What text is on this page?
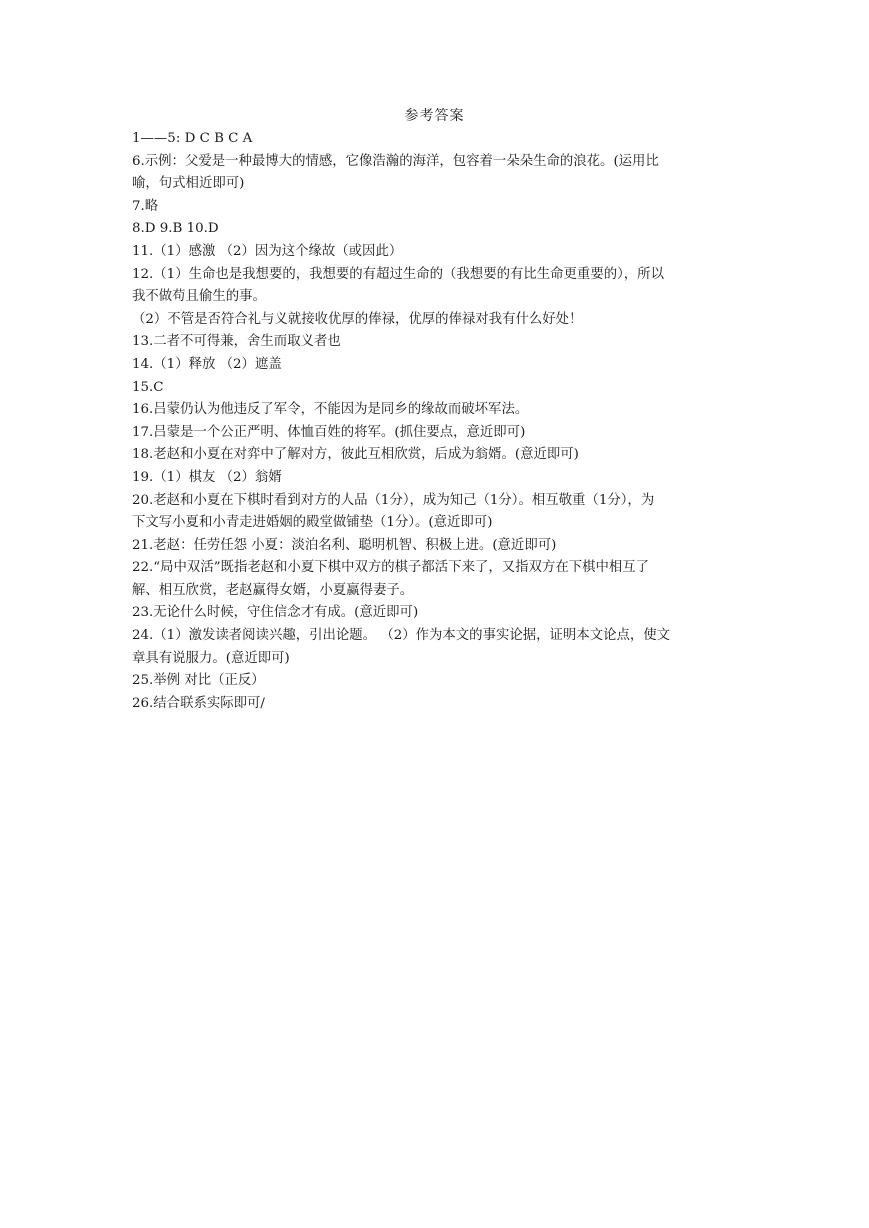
参考答案
1——5: D C B C A
6.示例：父爱是一种最博大的情感，它像浩瀚的海洋，包容着一朵朵生命的浪花。(运用比
喻，句式相近即可)
7.略
8.D 9.B 10.D
11.（1）感激 （2）因为这个缘故（或因此）
12.（1）生命也是我想要的，我想要的有超过生命的（我想要的有比生命更重要的），所以
我不做苟且偷生的事。
（2）不管是否符合礼与义就接收优厚的俸禄，优厚的俸禄对我有什么好处！
13.二者不可得兼，舍生而取义者也
14.（1）释放 （2）遮盖
15.C
16.吕蒙仍认为他违反了军令，不能因为是同乡的缘故而破坏军法。
17.吕蒙是一个公正严明、体恤百姓的将军。(抓住要点，意近即可)
18.老赵和小夏在对弈中了解对方，彼此互相欣赏，后成为翁婿。(意近即可)
19.（1）棋友 （2）翁婿
20.老赵和小夏在下棋时看到对方的人品（1分），成为知己（1分）。相互敬重（1分），为
下文写小夏和小青走进婚姻的殿堂做铺垫（1分）。(意近即可)
21.老赵：任劳任怨 小夏：淡泊名利、聪明机智、积极上进。(意近即可)
22.“局中双活”既指老赵和小夏下棋中双方的棋子都活下来了，又指双方在下棋中相互了
解、相互欣赏，老赵赢得女婿，小夏赢得妻子。
23.无论什么时候，守住信念才有成。(意近即可)
24.（1）激发读者阅读兴趣，引出论题。 （2）作为本文的事实论据，证明本文论点，使文
章具有说服力。(意近即可)
25.举例 对比（正反）
26.结合联系实际即可/
